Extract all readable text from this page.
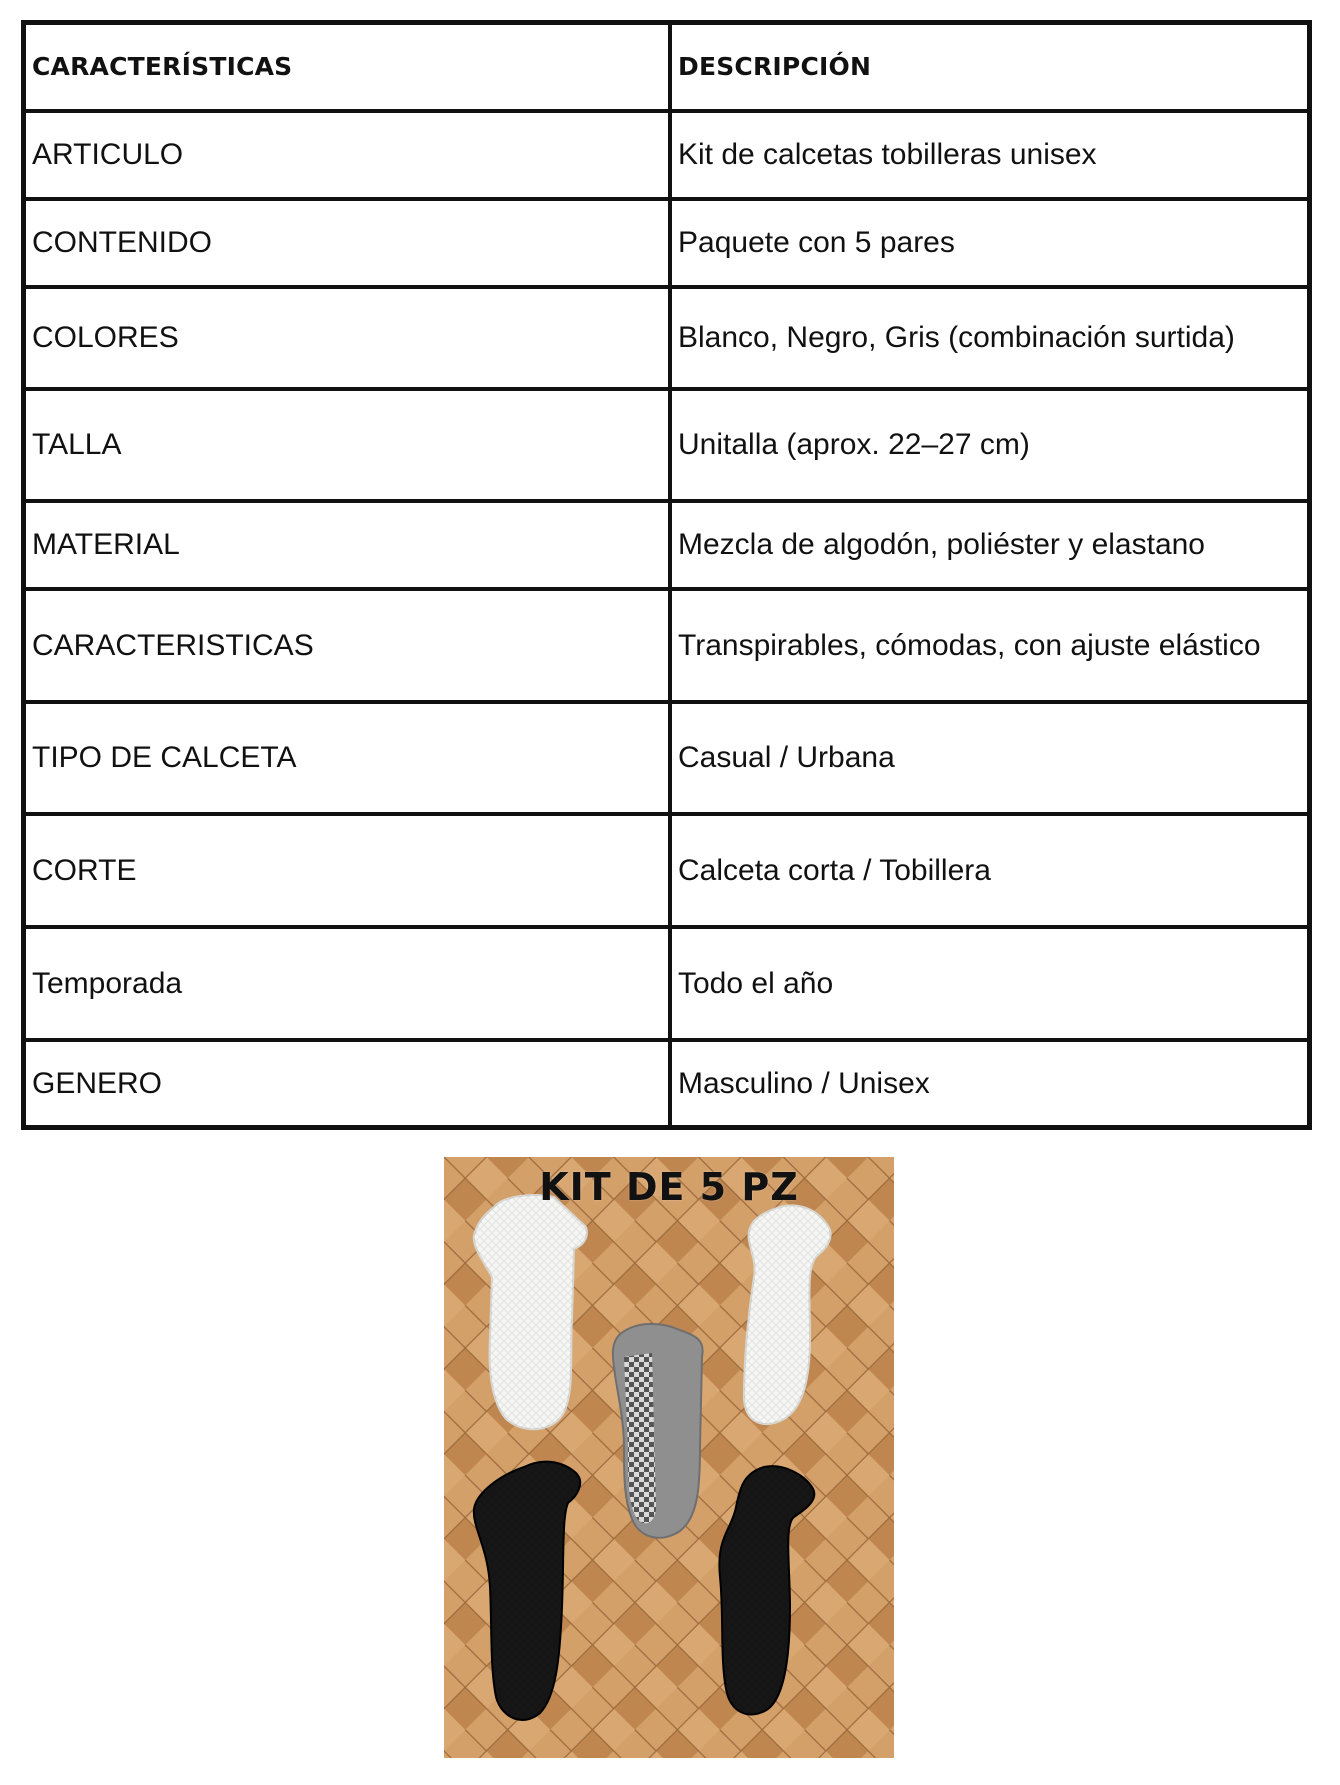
CARACTERÍSTICAS	DESCRIPCIÓN
ARTICULO	Kit de calcetas tobilleras unisex
CONTENIDO	Paquete con 5 pares
COLORES	Blanco, Negro, Gris (combinación surtida)
TALLA	Unitalla (aprox. 22–27 cm)
MATERIAL	Mezcla de algodón, poliéster y elastano
CARACTERISTICAS	Transpirables, cómodas, con ajuste elástico
TIPO DE CALCETA	Casual / Urbana
CORTE	Calceta corta / Tobillera
Temporada	Todo el año
GENERO	Masculino / Unisex
KIT DE 5 PZ
